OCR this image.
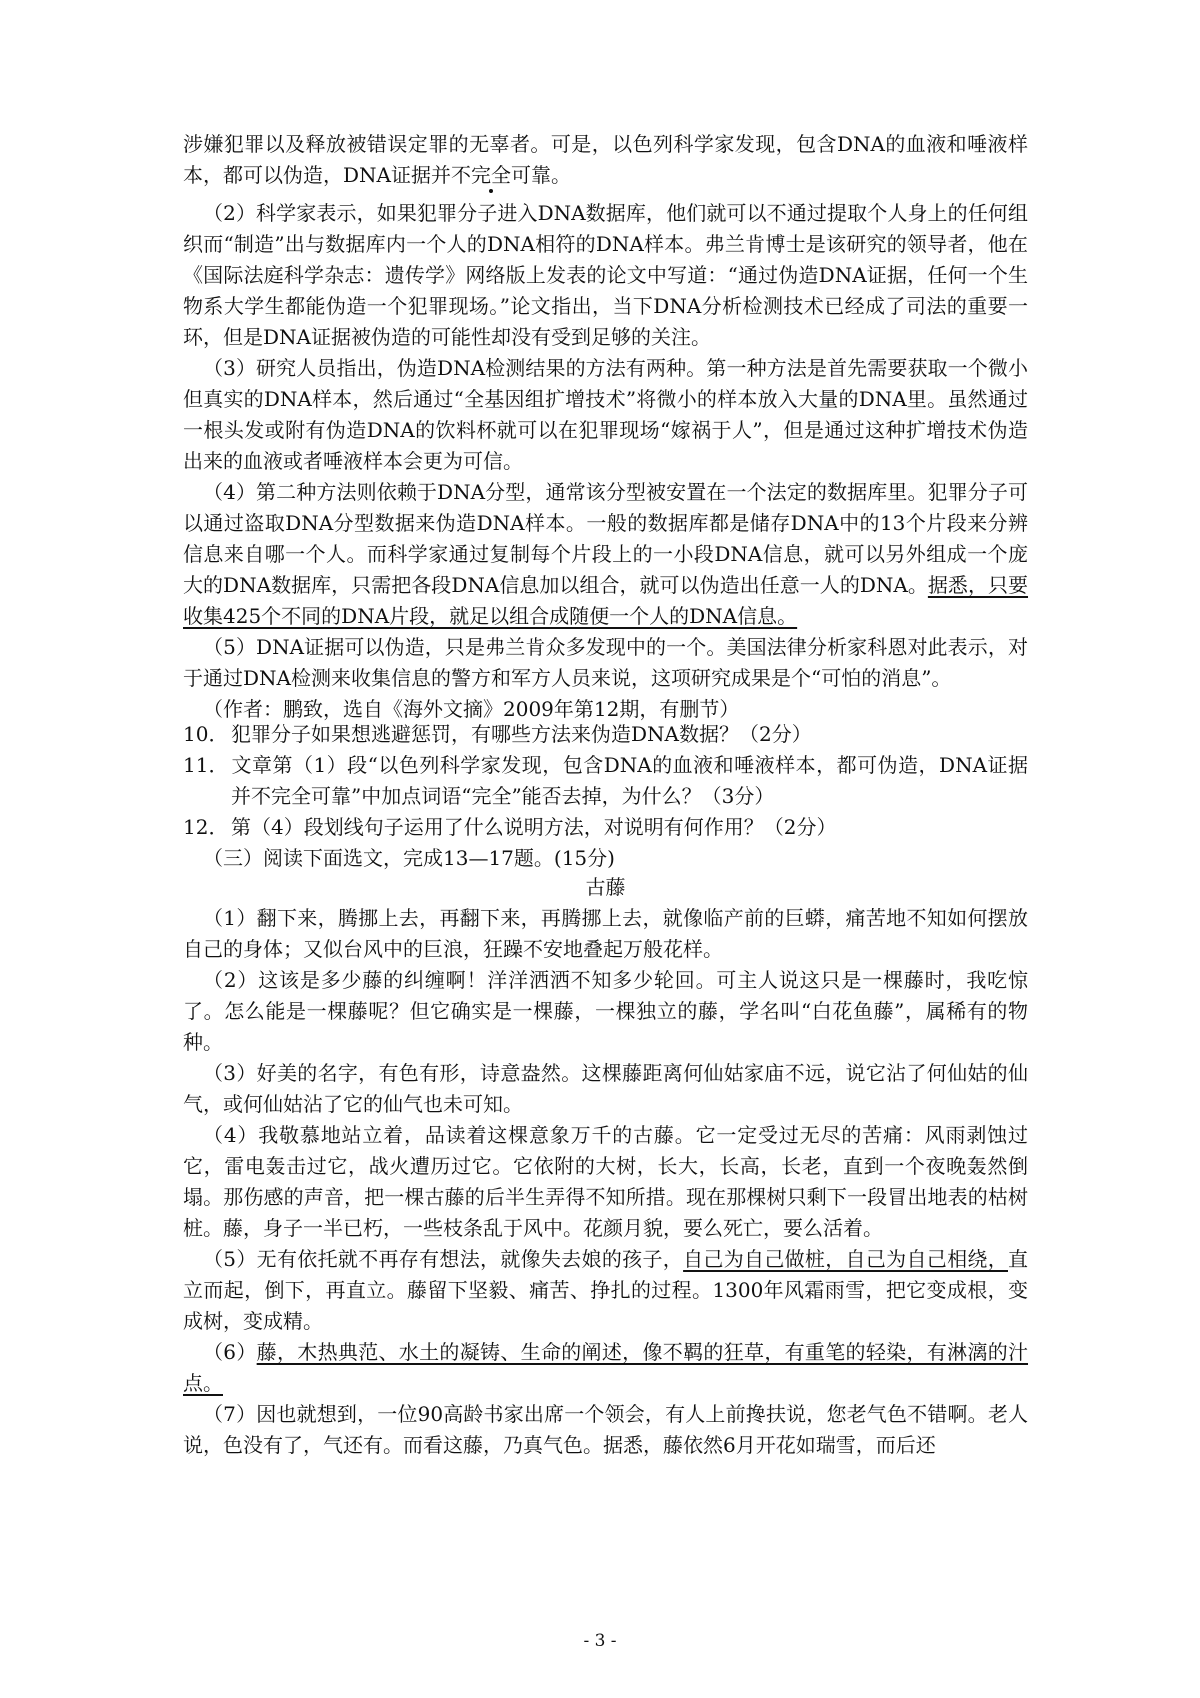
涉嫌犯罪以及释放被错误定罪的无辜者。可是，以色列科学家发现，包含DNA的血液和唾液样本，都可以伪造，DNA证据并不完全可靠。

（2）科学家表示，如果犯罪分子进入DNA数据库，他们就可以不通过提取个人身上的任何组织而“制造”出与数据库内一个人的DNA相符的DNA样本。弗兰肯博士是该研究的领导者，他在《国际法庭科学杂志：遗传学》网络版上发表的论文中写道：“通过伪造DNA证据，任何一个生物系大学生都能伪造一个犯罪现场。”论文指出，当下DNA分析检测技术已经成了司法的重要一环，但是DNA证据被伪造的可能性却没有受到足够的关注。

（3）研究人员指出，伪造DNA检测结果的方法有两种。第一种方法是首先需要获取一个微小但真实的DNA样本，然后通过“全基因组扩增技术”将微小的样本放入大量的DNA里。虽然通过一根头发或附有伪造DNA的饮料杯就可以在犯罪现场“嫁祸于人”，但是通过这种扩增技术伪造出来的血液或者唾液样本会更为可信。

（4）第二种方法则依赖于DNA分型，通常该分型被安置在一个法定的数据库里。犯罪分子可以通过盗取DNA分型数据来伪造DNA样本。一般的数据库都是储存DNA中的13个片段来分辨信息来自哪一个人。而科学家通过复制每个片段上的一小段DNA信息，就可以另外组成一个庞大的DNA数据库，只需把各段DNA信息加以组合，就可以伪造出任意一人的DNA。据悉，只要收集425个不同的DNA片段，就足以组合成随便一个人的DNA信息。

（5）DNA证据可以伪造，只是弗兰肯众多发现中的一个。美国法律分析家科恩对此表示，对于通过DNA检测来收集信息的警方和军方人员来说，这项研究成果是个“可怕的消息”。

（作者：鹏致，选自《海外文摘》2009年第12期，有删节）

10． 犯罪分子如果想逃避惩罚，有哪些方法来伪造DNA数据？（2分）

11． 文章第（1）段“以色列科学家发现，包含DNA的血液和唾液样本，都可伪造，DNA证据并不完全可靠”中加点词语“完全”能否去掉，为什么？（3分）

12． 第（4）段划线句子运用了什么说明方法，对说明有何作用？（2分）

（三）阅读下面选文，完成13—17题。(15分)

古藤

（1）翻下来，腾挪上去，再翻下来，再腾挪上去，就像临产前的巨蟒，痛苦地不知如何摆放自己的身体；又似台风中的巨浪，狂躁不安地叠起万般花样。

（2）这该是多少藤的纠缠啊！洋洋洒洒不知多少轮回。可主人说这只是一棵藤时，我吃惊了。怎么能是一棵藤呢？但它确实是一棵藤，一棵独立的藤，学名叫“白花鱼藤”，属稀有的物种。

（3）好美的名字，有色有形，诗意盎然。这棵藤距离何仙姑家庙不远，说它沾了何仙姑的仙气，或何仙姑沾了它的仙气也未可知。

（4）我敬慕地站立着，品读着这棵意象万千的古藤。它一定受过无尽的苦痛：风雨剥蚀过它，雷电轰击过它，战火遭历过它。它依附的大树，长大，长高，长老，直到一个夜晚轰然倒塌。那伤感的声音，把一棵古藤的后半生弄得不知所措。现在那棵树只剩下一段冒出地表的枯树桩。藤，身子一半已朽，一些枝条乱于风中。花颜月貌，要么死亡，要么活着。

（5）无有依托就不再存有想法，就像失去娘的孩子，自己为自己做桩，自己为自己相绕，直立而起，倒下，再直立。藤留下坚毅、痛苦、挣扎的过程。1300年风霜雨雪，把它变成根，变成树，变成精。

（6）藤，木热典范、水土的凝铸、生命的阐述，像不羁的狂草，有重笔的轻染，有淋漓的汁点。

（7）因也就想到，一位90高龄书家出席一个领会，有人上前搀扶说，您老气色不错啊。老人说，色没有了，气还有。而看这藤，乃真气色。据悉，藤依然6月开花如瑞雪，而后还

- 3 -
